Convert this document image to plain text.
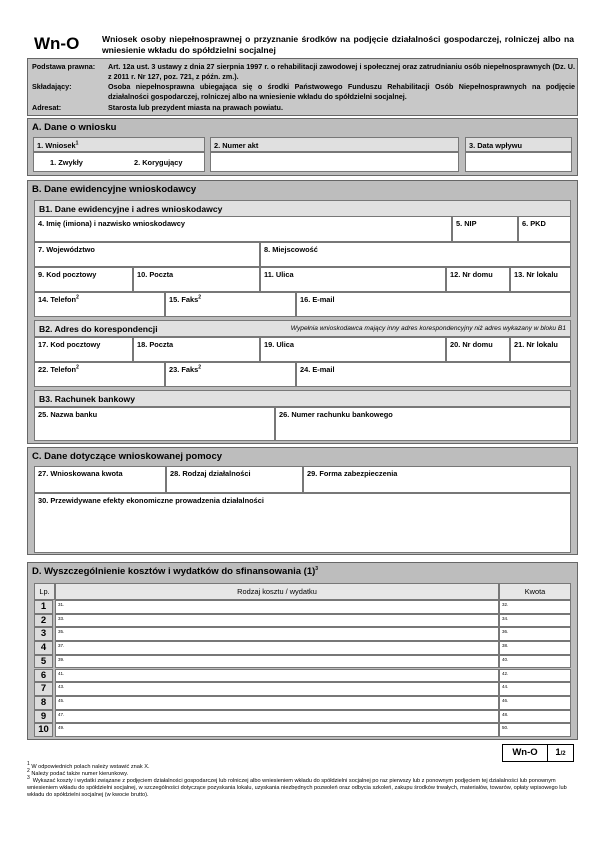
Wn-O	Wniosek osoby niepełnosprawnej o przyznanie środków na podjęcie działalności gospodarczej, rolniczej albo na wniesienie wkładu do spółdzielni socjalnej
Podstawa prawna:	Art. 12a ust. 3 ustawy z dnia 27 sierpnia 1997 r. o rehabilitacji zawodowej i społecznej oraz zatrudnianiu osób niepełnosprawnych (Dz. U. z 2011 r. Nr 127, poz. 721, z późn. zm.).
Składający:	Osoba niepełnosprawna ubiegająca się o środki Państwowego Funduszu Rehabilitacji Osób Niepełnosprawnych na podjęcie działalności gospodarczej, rolniczej albo na wniesienie wkładu do spółdzielni socjalnej.
Adresat:	Starosta lub prezydent miasta na prawach powiatu.
A. Dane o wniosku
1. Wniosek$^1$
1. Zwykły	2. Korygujący
2. Numer akt	3. Data wpływu
B. Dane ewidencyjne wnioskodawcy
B1. Dane ewidencyjne i adres wnioskodawcy
4. Imię (imiona) i nazwisko wnioskodawcy	5. NIP	6. PKD
7. Województwo	8. Miejscowość
9. Kod pocztowy	10. Poczta	11. Ulica	12. Nr domu	13. Nr lokalu
14. Telefon$^2$	15. Faks$^2$	16. E-mail
B2. Adres do korespondencji	Wypełnia wnioskodawca mający inny adres korespondencyjny niż adres wykazany w bloku B1
17. Kod pocztowy	18. Poczta	19. Ulica	20. Nr domu	21. Nr lokalu
22. Telefon$^2$	23. Faks$^2$	24. E-mail
B3. Rachunek bankowy
25. Nazwa banku	26. Numer rachunku bankowego
C. Dane dotyczące wnioskowanej pomocy
27. Wnioskowana kwota	28. Rodzaj działalności	29. Forma zabezpieczenia
30. Przewidywane efekty ekonomiczne prowadzenia działalności
D. Wyszczególnienie kosztów i wydatków do sfinansowania $(1)^3$
Lp.	Rodzaj kosztu / wydatku	Kwota
1	31.	32.
2	33.	34.
3	35.	36.
4	37.	38.
5	39.	40.
6	41.	42.
7	43.	44.
8	45.	46.
9	47.	48.
10	49.	50.
Wn-O	1/2
$^1$ W odpowiednich polach należy wstawić znak X.
$^2$ Należy podać także numer kierunkowy.
$^3$ Wykazać koszty i wydatki związane z podjęciem działalności gospodarczej lub rolniczej albo wniesieniem wkładu do spółdzielni socjalnej po raz pierwszy lub z ponownym podjęciem tej działalności lub ponownym wniesieniem wkładu do spółdzielni socjalnej, w szczególności dotyczące pozyskania lokalu, uzyskania niezbędnych pozwoleń oraz odbycia szkoleń, zakupu środków trwałych, materiałów, towarów, opłaty wpisowego lub wkładu do spółdzielni socjalnej (w kwocie brutto).
